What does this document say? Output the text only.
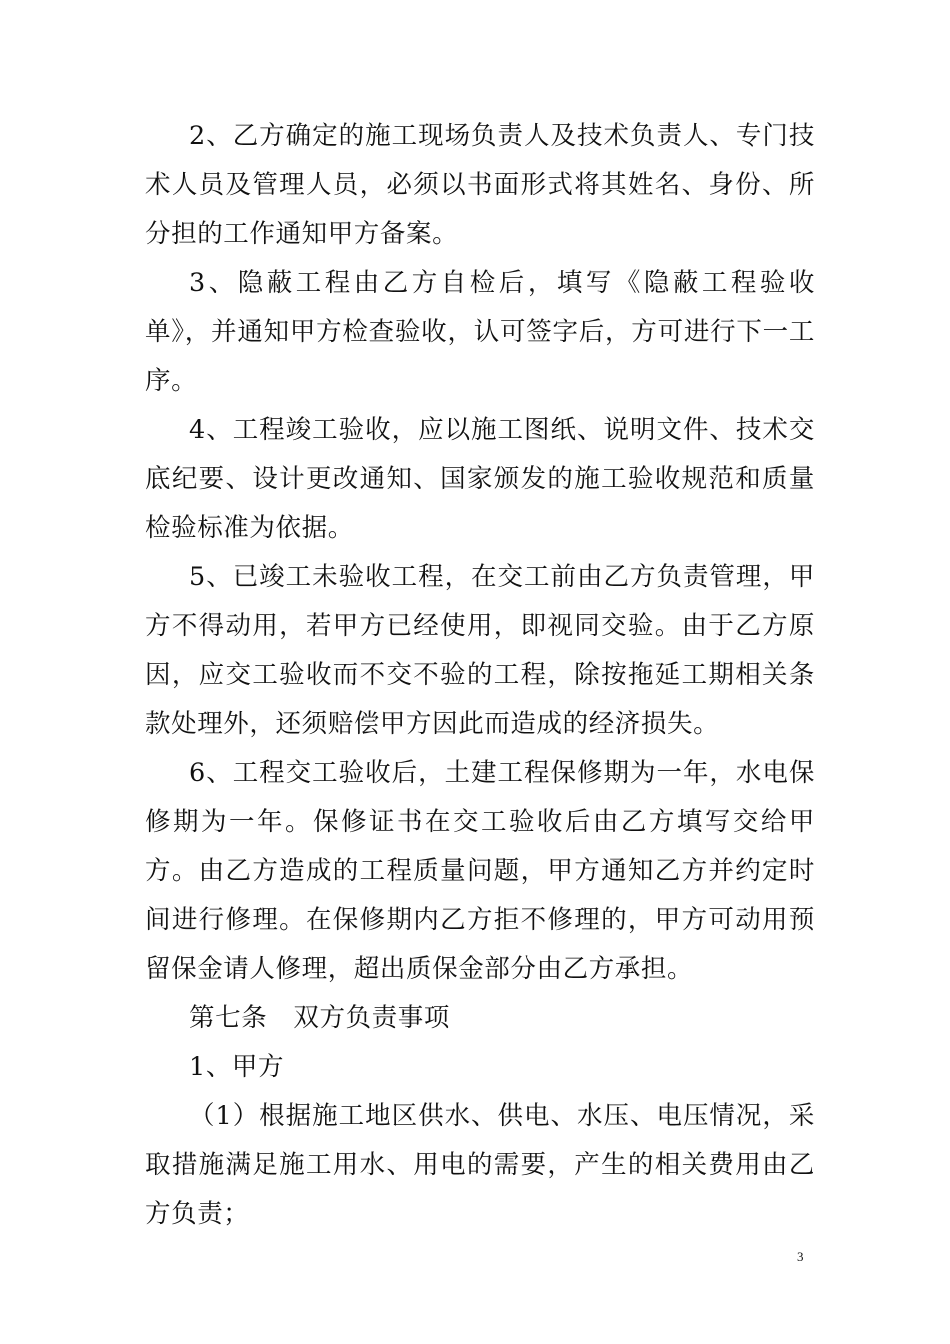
2、乙方确定的施工现场负责人及技术负责人、专门技术人员及管理人员，必须以书面形式将其姓名、身份、所分担的工作通知甲方备案。

3、隐蔽工程由乙方自检后，填写《隐蔽工程验收单》，并通知甲方检查验收，认可签字后，方可进行下一工序。

4、工程竣工验收，应以施工图纸、说明文件、技术交底纪要、设计更改通知、国家颁发的施工验收规范和质量检验标准为依据。

5、已竣工未验收工程，在交工前由乙方负责管理，甲方不得动用，若甲方已经使用，即视同交验。由于乙方原因，应交工验收而不交不验的工程，除按拖延工期相关条款处理外，还须赔偿甲方因此而造成的经济损失。

6、工程交工验收后，土建工程保修期为一年，水电保修期为一年。保修证书在交工验收后由乙方填写交给甲方。由乙方造成的工程质量问题，甲方通知乙方并约定时间进行修理。在保修期内乙方拒不修理的，甲方可动用预留保金请人修理，超出质保金部分由乙方承担。

第七条　双方负责事项

1、甲方

（1）根据施工地区供水、供电、水压、电压情况，采取措施满足施工用水、用电的需要，产生的相关费用由乙方负责；

3
